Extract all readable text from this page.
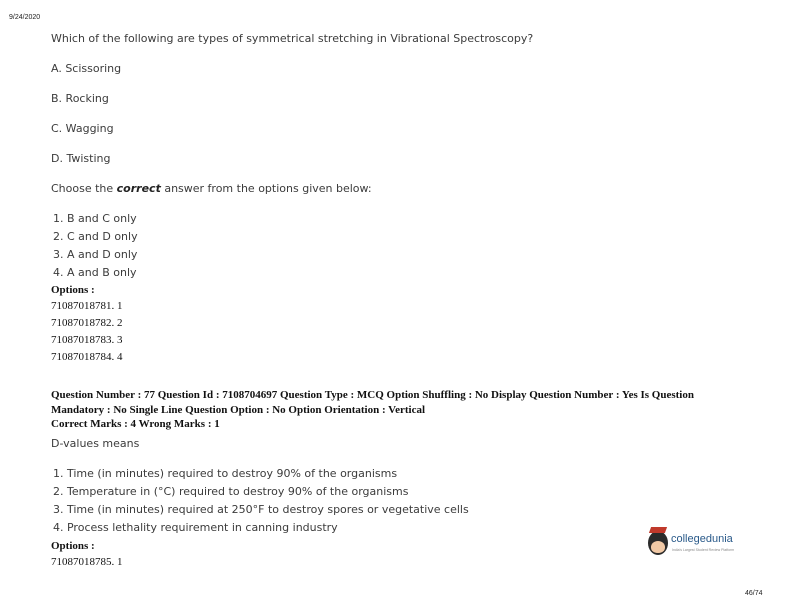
9/24/2020
Which of the following are types of symmetrical stretching in Vibrational Spectroscopy?
A. Scissoring
B. Rocking
C. Wagging
D. Twisting
Choose the correct answer from the options given below:
1. B and C only
2. C and D only
3. A and D only
4. A and B only
Options :
71087018781. 1
71087018782. 2
71087018783. 3
71087018784. 4
Question Number : 77 Question Id : 7108704697 Question Type : MCQ Option Shuffling : No Display Question Number : Yes Is Question Mandatory : No Single Line Question Option : No Option Orientation : Vertical
Correct Marks : 4 Wrong Marks : 1
D-values means
1. Time (in minutes) required to destroy 90% of the organisms
2. Temperature in (°C) required to destroy 90% of the organisms
3. Time (in minutes) required at 250°F to destroy spores or vegetative cells
4. Process lethality requirement in canning industry
Options :
71087018785. 1
collegedunia
India's Largest Student Review Platform
46/74
